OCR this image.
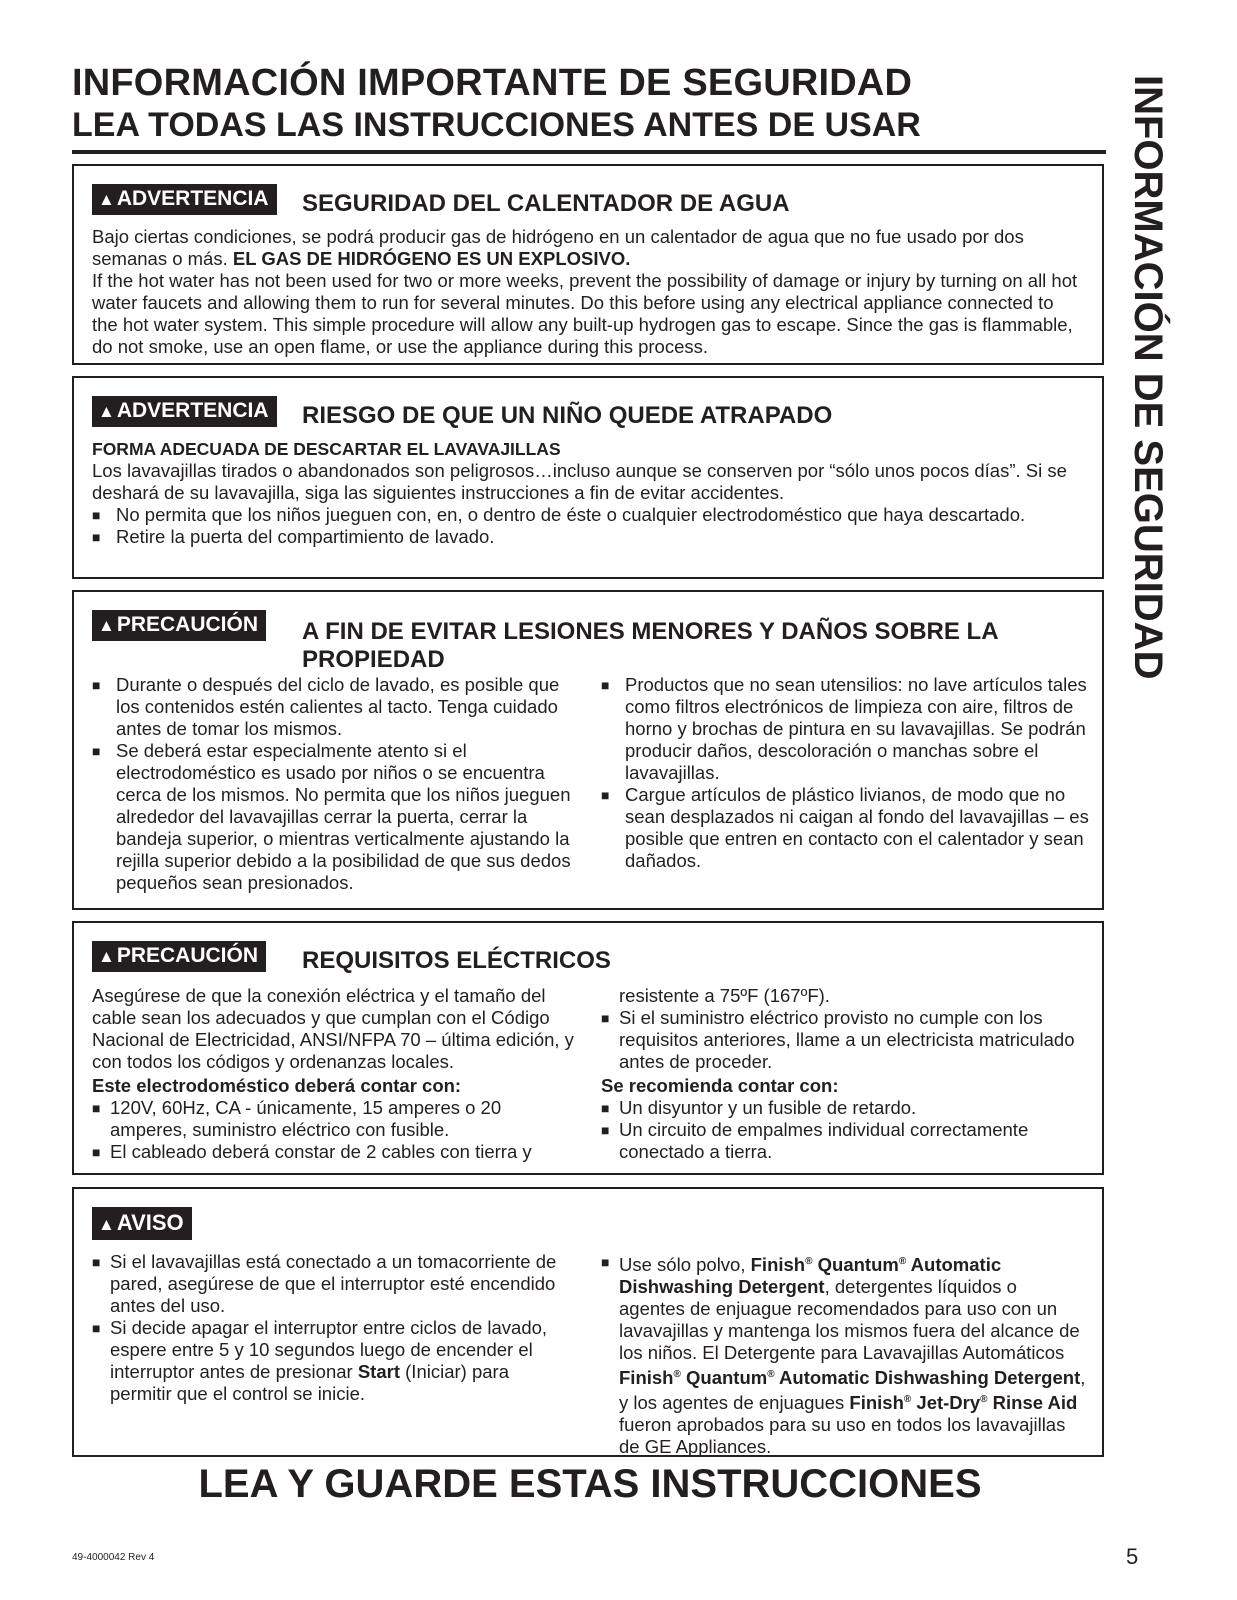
INFORMACIÓN IMPORTANTE DE SEGURIDAD
LEA TODAS LAS INSTRUCCIONES ANTES DE USAR	INFORMACIÓN DE SEGURIDAD
▲ADVERTENCIA	SEGURIDAD DEL CALENTADOR DE AGUA

Bajo ciertas condiciones, se podrá producir gas de hidrógeno en un calentador de agua que no fue usado por dos semanas o más. EL GAS DE HIDRÓGENO ES UN EXPLOSIVO.

If the hot water has not been used for two or more weeks, prevent the possibility of damage or injury by turning on all hot water faucets and allowing them to run for several minutes. Do this before using any electrical appliance connected to the hot water system. This simple procedure will allow any built-up hydrogen gas to escape. Since the gas is flammable, do not smoke, use an open flame, or use the appliance during this process.

▲ADVERTENCIA	RIESGO DE QUE UN NIÑO QUEDE ATRAPADO

FORMA ADECUADA DE DESCARTAR EL LAVAVAJILLAS

Los lavavajillas tirados o abandonados son peligrosos…incluso aunque se conserven por “sólo unos pocos días”. Si se deshará de su lavavajilla, siga las siguientes instrucciones a fin de evitar accidentes.

■ No permita que los niños jueguen con, en, o dentro de éste o cualquier electrodoméstico que haya descartado.

■ Retire la puerta del compartimiento de lavado.

▲PRECAUCIÓN	A FIN DE EVITAR LESIONES MENORES Y DAÑOS SOBRE LA
PROPIEDAD

■ Durante o después del ciclo de lavado, es posible que los contenidos estén calientes al tacto. Tenga cuidado antes de tomar los mismos.

■ Se deberá estar especialmente atento si el electrodoméstico es usado por niños o se encuentra cerca de los mismos. No permita que los niños jueguen alrededor del lavavajillas cerrar la puerta, cerrar la bandeja superior, o mientras verticalmente ajustando la rejilla superior debido a la posibilidad de que sus dedos pequeños sean presionados.

■ Productos que no sean utensilios: no lave artículos tales como filtros electrónicos de limpieza con aire, filtros de horno y brochas de pintura en su lavavajillas. Se podrán producir daños, descoloración o manchas sobre el lavavajillas.

■ Cargue artículos de plástico livianos, de modo que no sean desplazados ni caigan al fondo del lavavajillas – es posible que entren en contacto con el calentador y sean dañados.

▲PRECAUCIÓN	REQUISITOS ELÉCTRICOS

Asegúrese de que la conexión eléctrica y el tamaño del cable sean los adecuados y que cumplan con el Código Nacional de Electricidad, ANSI/NFPA 70 – última edición, y con todos los códigos y ordenanzas locales.

Este electrodoméstico deberá contar con:

■ 120V, 60Hz, CA - únicamente, 15 amperes o 20 amperes, suministro eléctrico con fusible.

■ El cableado deberá constar de 2 cables con tierra y

resistente a 75ºF (167ºF).

■ Si el suministro eléctrico provisto no cumple con los requisitos anteriores, llame a un electricista matriculado antes de proceder.

Se recomienda contar con:

■ Un disyuntor y un fusible de retardo.

■ Un circuito de empalmes individual correctamente conectado a tierra.

▲AVISO

■ Si el lavavajillas está conectado a un tomacorriente de pared, asegúrese de que el interruptor esté encendido antes del uso.

■ Si decide apagar el interruptor entre ciclos de lavado, espere entre 5 y 10 segundos luego de encender el interruptor antes de presionar Start (Iniciar) para permitir que el control se inicie.

■ Use sólo polvo, Finish® Quantum® Automatic Dishwashing Detergent, detergentes líquidos o agentes de enjuague recomendados para uso con un lavavajillas y mantenga los mismos fuera del alcance de los niños. El Detergente para Lavavajillas Automáticos Finish® Quantum® Automatic Dishwashing Detergent, y los agentes de enjuagues Finish® Jet-Dry® Rinse Aid fueron aprobados para su uso en todos los lavavajillas de GE Appliances.

LEA Y GUARDE ESTAS INSTRUCCIONES
49-4000042 Rev 4	5
